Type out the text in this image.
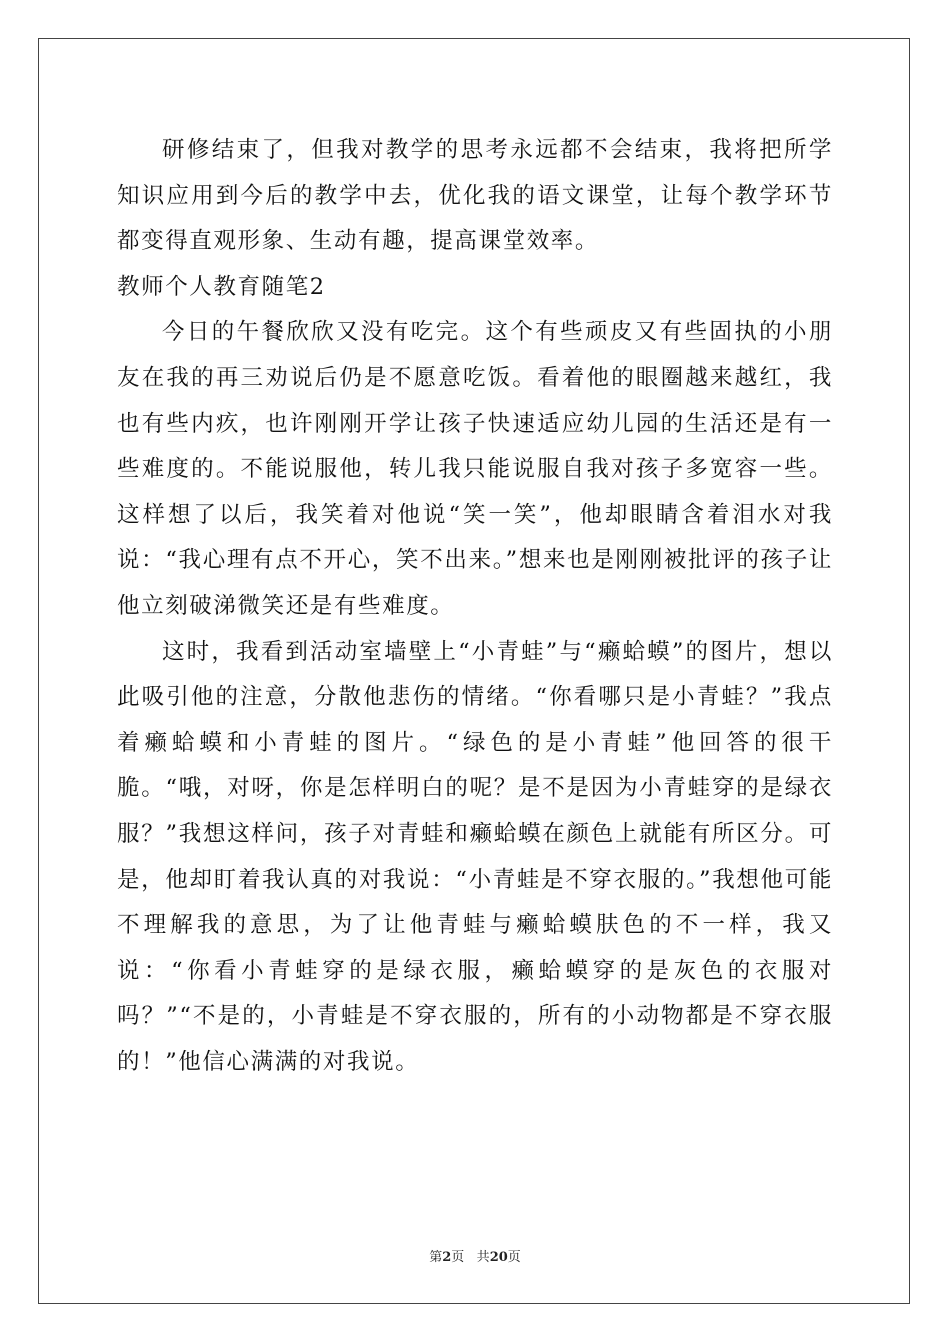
研修结束了，但我对教学的思考永远都不会结束，我将把所学知识应用到今后的教学中去，优化我的语文课堂，让每个教学环节都变得直观形象、生动有趣，提高课堂效率。

教师个人教育随笔2

今日的午餐欣欣又没有吃完。这个有些顽皮又有些固执的小朋友在我的再三劝说后仍是不愿意吃饭。看着他的眼圈越来越红，我也有些内疚，也许刚刚开学让孩子快速适应幼儿园的生活还是有一些难度的。不能说服他，转儿我只能说服自我对孩子多宽容一些。这样想了以后，我笑着对他说“笑一笑”，他却眼睛含着泪水对我说：“我心理有点不开心，笑不出来。”想来也是刚刚被批评的孩子让他立刻破涕微笑还是有些难度。

这时，我看到活动室墙壁上“小青蛙”与“癞蛤蟆”的图片，想以此吸引他的注意，分散他悲伤的情绪。“你看哪只是小青蛙？”我点着癞蛤蟆和小青蛙的图片。“绿色的是小青蛙”他回答的很干脆。“哦，对呀，你是怎样明白的呢？是不是因为小青蛙穿的是绿衣服？”我想这样问，孩子对青蛙和癞蛤蟆在颜色上就能有所区分。可是，他却盯着我认真的对我说：“小青蛙是不穿衣服的。”我想他可能不理解我的意思，为了让他青蛙与癞蛤蟆肤色的不一样，我又说：“你看小青蛙穿的是绿衣服，癞蛤蟆穿的是灰色的衣服对吗？”“不是的，小青蛙是不穿衣服的，所有的小动物都是不穿衣服的！”他信心满满的对我说。

第2页 共20页
